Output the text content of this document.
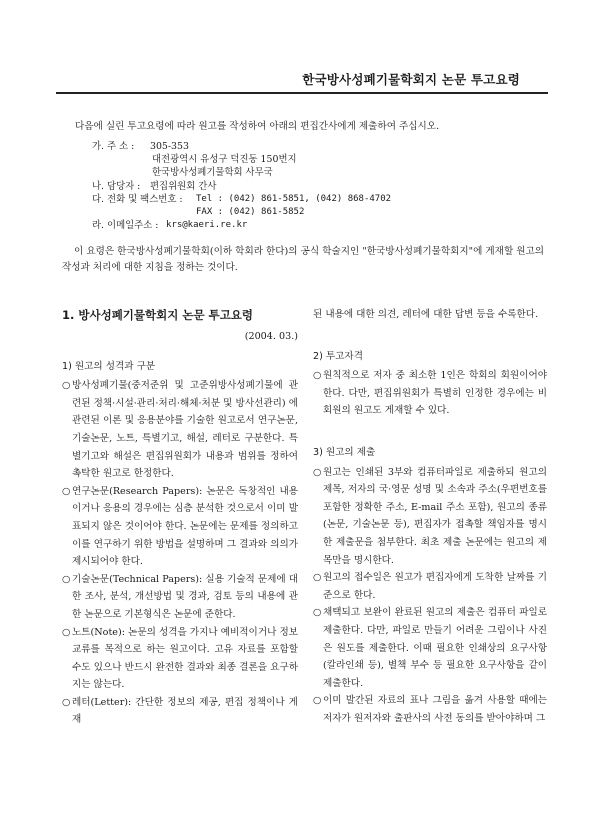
한국방사성폐기물학회지 논문 투고요령
다음에 실린 투고요령에 따라 원고를 작성하여 아래의 편집간사에게 제출하여 주십시오.
가. 주 소 :	305-353
대전광역시 유성구 덕진동 150번지
한국방사성폐기물학회 사무국
나. 담당자 :	편집위원회 간사
다. 전화 및 팩스번호 :	Tel : (042) 861-5851, (042) 868-4702
FAX : (042) 861-5852
라. 이메일주소 : krs@kaeri.re.kr
이 요령은 한국방사성폐기물학회(이하 학회라 한다)의 공식 학술지인 "한국방사성폐기물학회지"에 게재할 원고의 작성과 처리에 대한 지침을 정하는 것이다.
1. 방사성폐기물학회지 논문 투고요령
(2004. 03.)
1) 원고의 성격과 구분

○ 방사성폐기물(중저준위 및 고준위방사성폐기물에 관련된 정책·시설·관리·처리·해체·처분 및 방사선관리) 에 관련된 이론 및 응용분야를 기술한 원고로서 연구논문, 기술논문, 노트, 특별기고, 해설, 레터로 구분한다. 특별기고와 해설은 편집위원회가 내용과 범위를 정하여 촉탁한 원고로 한정한다.

○ 연구논문(Research Papers): 논문은 독창적인 내용이거나 응용의 경우에는 심층 분석한 것으로서 이미 발표되지 않은 것이어야 한다. 논문에는 문제를 정의하고 이를 연구하기 위한 방법을 설명하며 그 결과와 의의가 제시되어야 한다.

○ 기술논문(Technical Papers): 실용 기술적 문제에 대한 조사, 분석, 개선방법 및 경과, 검토 등의 내용에 관한 논문으로 기본형식은 논문에 준한다.

○ 노트(Note): 논문의 성격을 가지나 예비적이거나 정보교류를 목적으로 하는 원고이다. 고유 자료를 포함할 수도 있으나 반드시 완전한 결과와 최종 결론을 요구하지는 않는다.

○ 레터(Letter): 간단한 정보의 제공, 편집 정책이나 게재

된 내용에 대한 의견, 레터에 대한 답변 등을 수록한다.

2) 투고자격

○ 원칙적으로 저자 중 최소한 1인은 학회의 회원이어야 한다. 다만, 편집위원회가 특별히 인정한 경우에는 비회원의 원고도 게재할 수 있다.

3) 원고의 제출

○ 원고는 인쇄된 3부와 컴퓨터파일로 제출하되 원고의 제목, 저자의 국·영문 성명 및 소속과 주소(우편번호를 포함한 정확한 주소, E-mail 주소 포함), 원고의 종류(논문, 기술논문 등), 편집자가 접촉할 책임자를 명시한 제출문을 첨부한다. 최초 제출 논문에는 원고의 제목만을 명시한다.

○ 원고의 접수일은 원고가 편집자에게 도착한 날짜를 기준으로 한다.

○ 채택되고 보완이 완료된 원고의 제출은 컴퓨터 파일로 제출한다. 다만, 파일로 만들기 어려운 그림이나 사진은 원도를 제출한다. 이때 필요한 인쇄상의 요구사항(칼라인쇄 등), 별책 부수 등 필요한 요구사항을 같이 제출한다.

○ 이미 발간된 자료의 표나 그림을 옮겨 사용할 때에는 저자가 원저자와 출판사의 사전 동의를 받아야하며 그
